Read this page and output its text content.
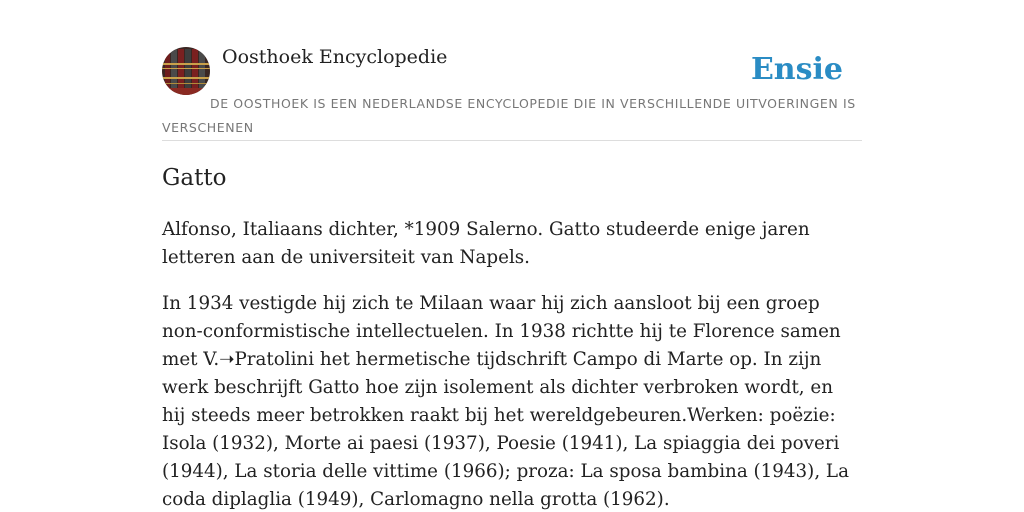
Oosthoek Encyclopedie	Ensie
DE OOSTHOEK IS EEN NEDERLANDSE ENCYCLOPEDIE DIE IN VERSCHILLENDE UITVOERINGEN IS VERSCHENEN
Gatto

Alfonso, Italiaans dichter, *1909 Salerno. Gatto studeerde enige jaren letteren aan de universiteit van Napels.

In 1934 vestigde hij zich te Milaan waar hij zich aansloot bij een groep non-conformistische intellectuelen. In 1938 richtte hij te Florence samen met V.➝Pratolini het hermetische tijdschrift Campo di Marte op. In zijn werk beschrijft Gatto hoe zijn isolement als dichter verbroken wordt, en hij steeds meer betrokken raakt bij het wereldgebeuren.Werken: poëzie: Isola (1932), Morte ai paesi (1937), Poesie (1941), La spiaggia dei poveri (1944), La storia delle vittime (1966); proza: La sposa bambina (1943), La coda diplaglia (1949), Carlomagno nella grotta (1962).
